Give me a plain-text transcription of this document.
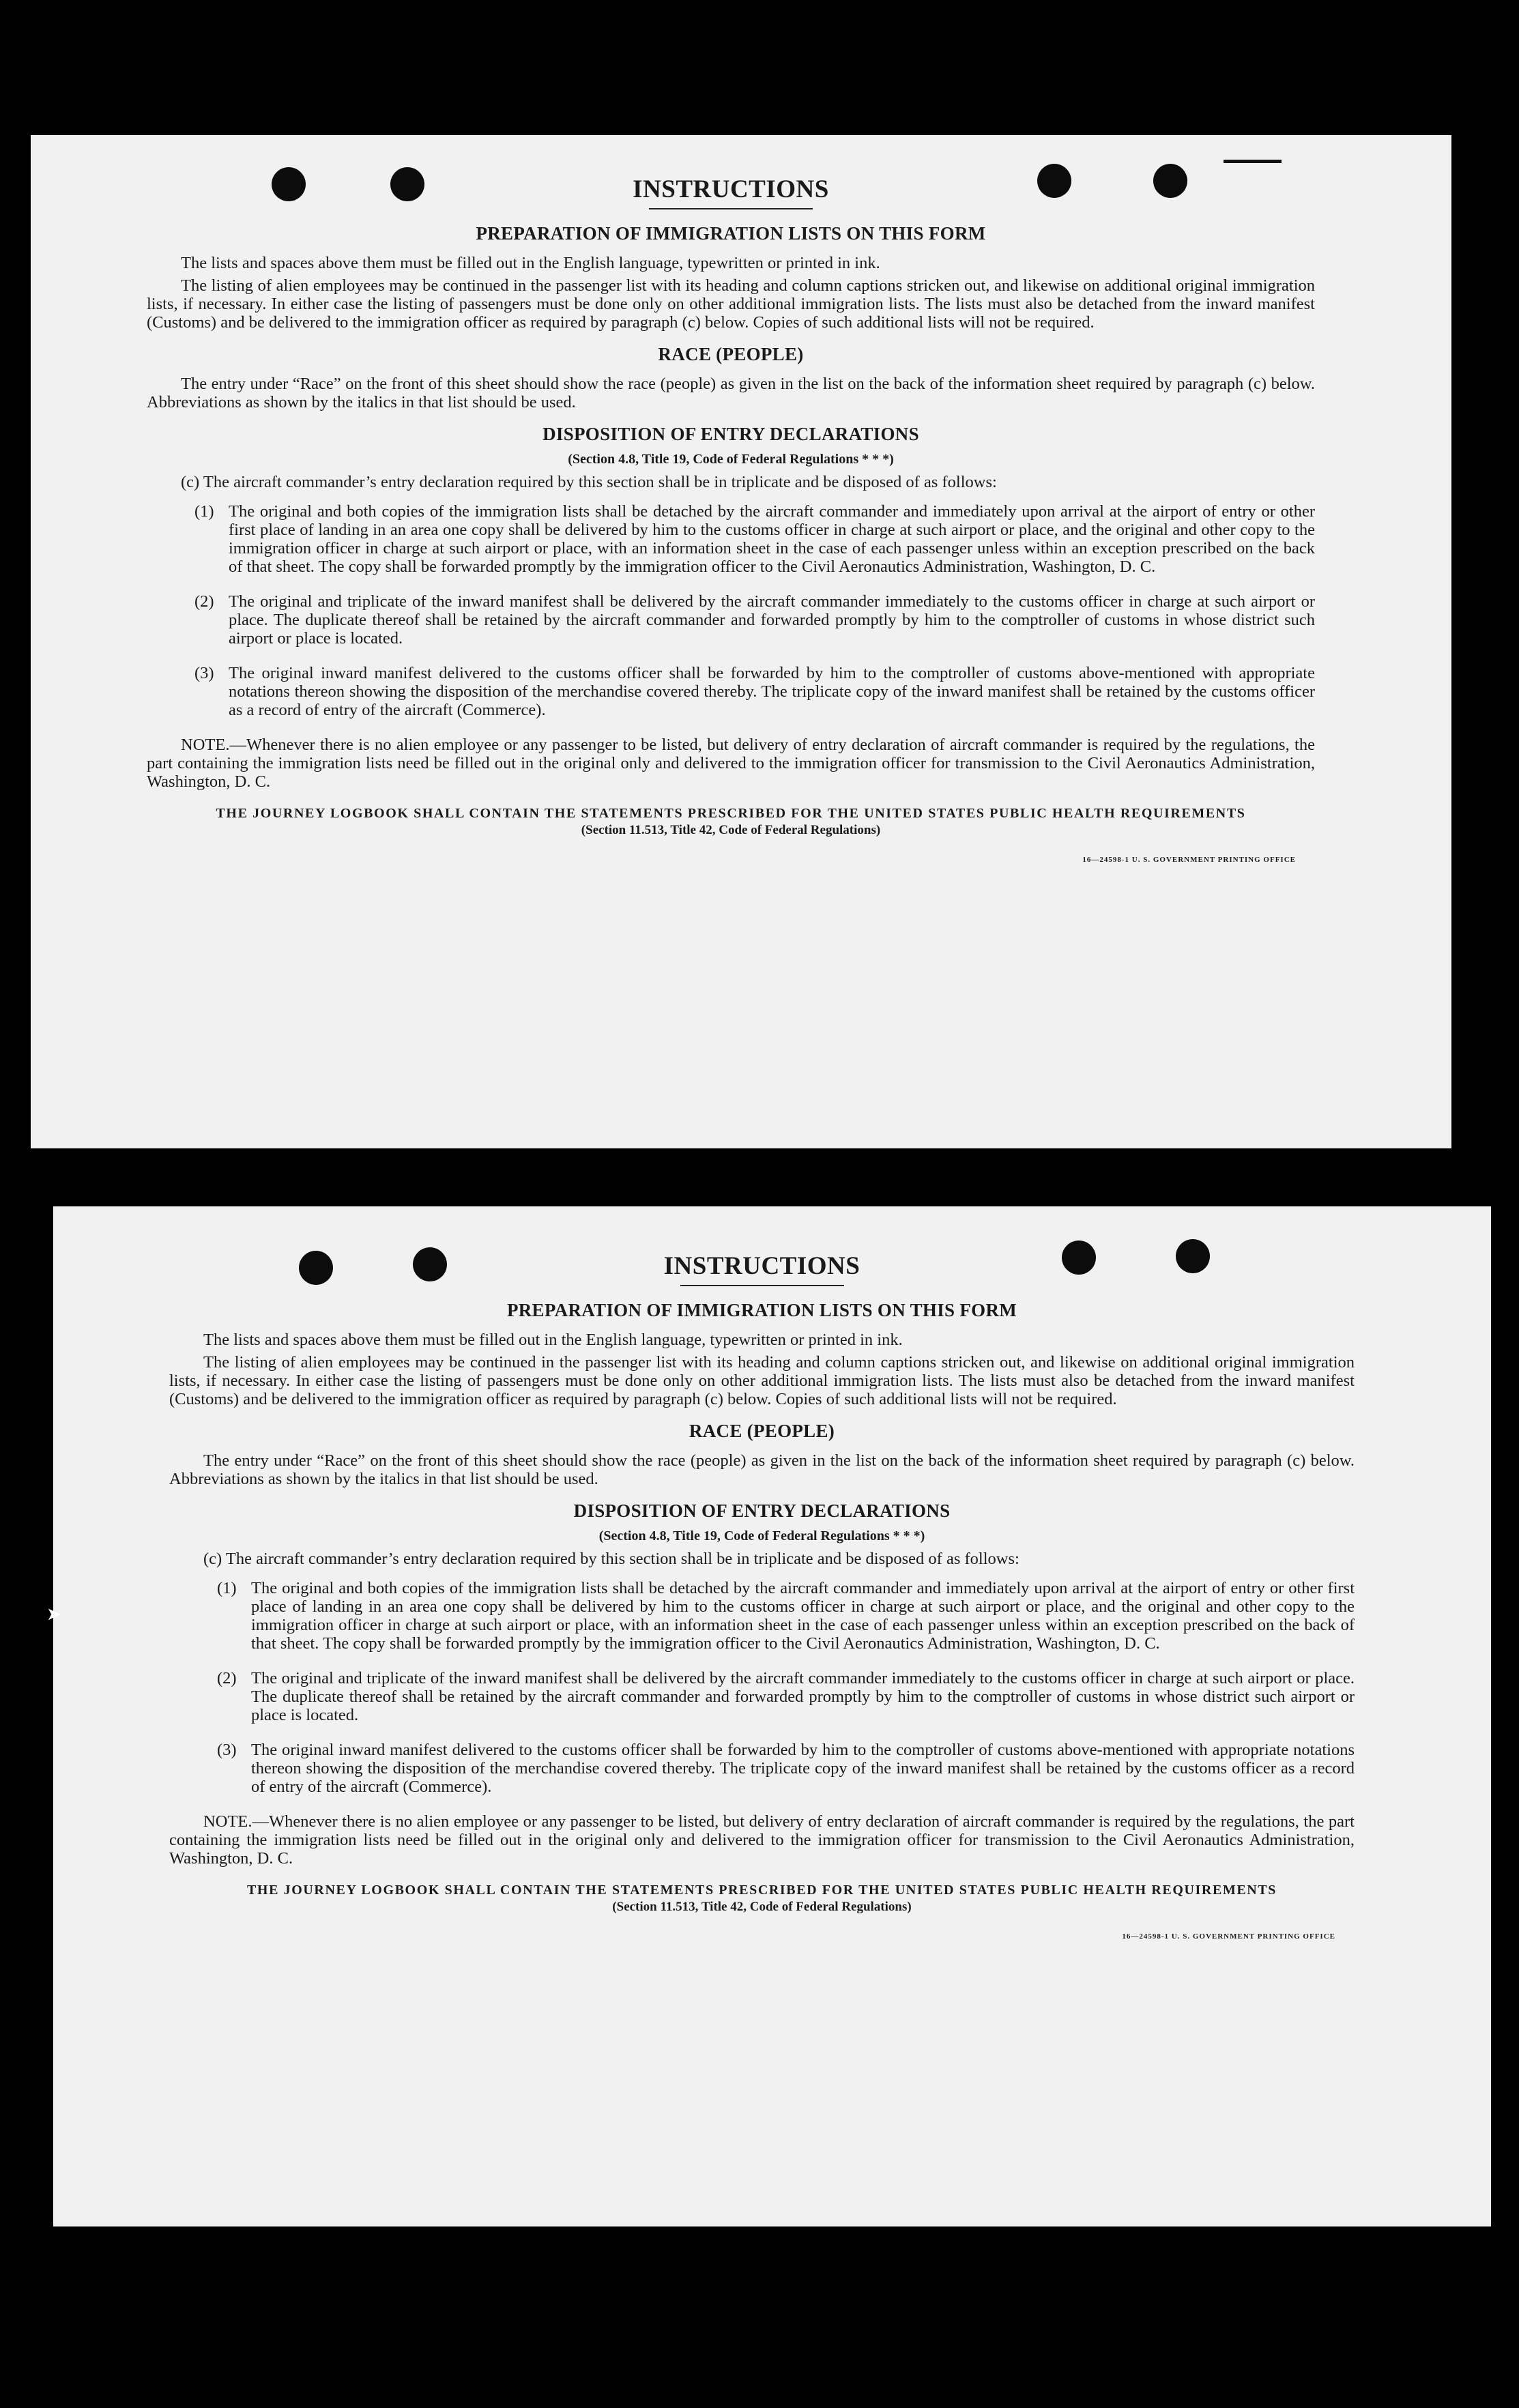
INSTRUCTIONS
PREPARATION OF IMMIGRATION LISTS ON THIS FORM

The lists and spaces above them must be filled out in the English language, typewritten or printed in ink.

The listing of alien employees may be continued in the passenger list with its heading and column captions stricken out, and likewise on additional original immigration lists, if necessary. In either case the listing of passengers must be done only on other additional immigration lists. The lists must also be detached from the inward manifest (Customs) and be delivered to the immigration officer as required by paragraph (c) below. Copies of such additional lists will not be required.

RACE (PEOPLE)

The entry under “Race” on the front of this sheet should show the race (people) as given in the list on the back of the information sheet required by paragraph (c) below. Abbreviations as shown by the italics in that list should be used.

DISPOSITION OF ENTRY DECLARATIONS
(Section 4.8, Title 19, Code of Federal Regulations * * *)

(c) The aircraft commander’s entry declaration required by this section shall be in triplicate and be disposed of as follows:

(1) The original and both copies of the immigration lists shall be detached by the aircraft commander and immediately upon arrival at the airport of entry or other first place of landing in an area one copy shall be delivered by him to the customs officer in charge at such airport or place, and the original and other copy to the immigration officer in charge at such airport or place, with an information sheet in the case of each passenger unless within an exception prescribed on the back of that sheet. The copy shall be forwarded promptly by the immigration officer to the Civil Aeronautics Administration, Washington, D. C.
(2) The original and triplicate of the inward manifest shall be delivered by the aircraft commander immediately to the customs officer in charge at such airport or place. The duplicate thereof shall be retained by the aircraft commander and forwarded promptly by him to the comptroller of customs in whose district such airport or place is located.
(3) The original inward manifest delivered to the customs officer shall be forwarded by him to the comptroller of customs above-mentioned with appropriate notations thereon showing the disposition of the merchandise covered thereby. The triplicate copy of the inward manifest shall be retained by the customs officer as a record of entry of the aircraft (Commerce).

NOTE.—Whenever there is no alien employee or any passenger to be listed, but delivery of entry declaration of aircraft commander is required by the regulations, the part containing the immigration lists need be filled out in the original only and delivered to the immigration officer for transmission to the Civil Aeronautics Administration, Washington, D. C.

THE JOURNEY LOGBOOK SHALL CONTAIN THE STATEMENTS PRESCRIBED FOR THE UNITED STATES PUBLIC HEALTH REQUIREMENTS
(Section 11.513, Title 42, Code of Federal Regulations)
16—24598-1 U. S. GOVERNMENT PRINTING OFFICE
INSTRUCTIONS
PREPARATION OF IMMIGRATION LISTS ON THIS FORM

The lists and spaces above them must be filled out in the English language, typewritten or printed in ink.

The listing of alien employees may be continued in the passenger list with its heading and column captions stricken out, and likewise on additional original immigration lists, if necessary. In either case the listing of passengers must be done only on other additional immigration lists. The lists must also be detached from the inward manifest (Customs) and be delivered to the immigration officer as required by paragraph (c) below. Copies of such additional lists will not be required.

RACE (PEOPLE)

The entry under “Race” on the front of this sheet should show the race (people) as given in the list on the back of the information sheet required by paragraph (c) below. Abbreviations as shown by the italics in that list should be used.

DISPOSITION OF ENTRY DECLARATIONS
(Section 4.8, Title 19, Code of Federal Regulations * * *)

(c) The aircraft commander’s entry declaration required by this section shall be in triplicate and be disposed of as follows:

(1) The original and both copies of the immigration lists shall be detached by the aircraft commander and immediately upon arrival at the airport of entry or other first place of landing in an area one copy shall be delivered by him to the customs officer in charge at such airport or place, and the original and other copy to the immigration officer in charge at such airport or place, with an information sheet in the case of each passenger unless within an exception prescribed on the back of that sheet. The copy shall be forwarded promptly by the immigration officer to the Civil Aeronautics Administration, Washington, D. C.
(2) The original and triplicate of the inward manifest shall be delivered by the aircraft commander immediately to the customs officer in charge at such airport or place. The duplicate thereof shall be retained by the aircraft commander and forwarded promptly by him to the comptroller of customs in whose district such airport or place is located.
(3) The original inward manifest delivered to the customs officer shall be forwarded by him to the comptroller of customs above-mentioned with appropriate notations thereon showing the disposition of the merchandise covered thereby. The triplicate copy of the inward manifest shall be retained by the customs officer as a record of entry of the aircraft (Commerce).

NOTE.—Whenever there is no alien employee or any passenger to be listed, but delivery of entry declaration of aircraft commander is required by the regulations, the part containing the immigration lists need be filled out in the original only and delivered to the immigration officer for transmission to the Civil Aeronautics Administration, Washington, D. C.

THE JOURNEY LOGBOOK SHALL CONTAIN THE STATEMENTS PRESCRIBED FOR THE UNITED STATES PUBLIC HEALTH REQUIREMENTS
(Section 11.513, Title 42, Code of Federal Regulations)
16—24598-1 U. S. GOVERNMENT PRINTING OFFICE
➤
